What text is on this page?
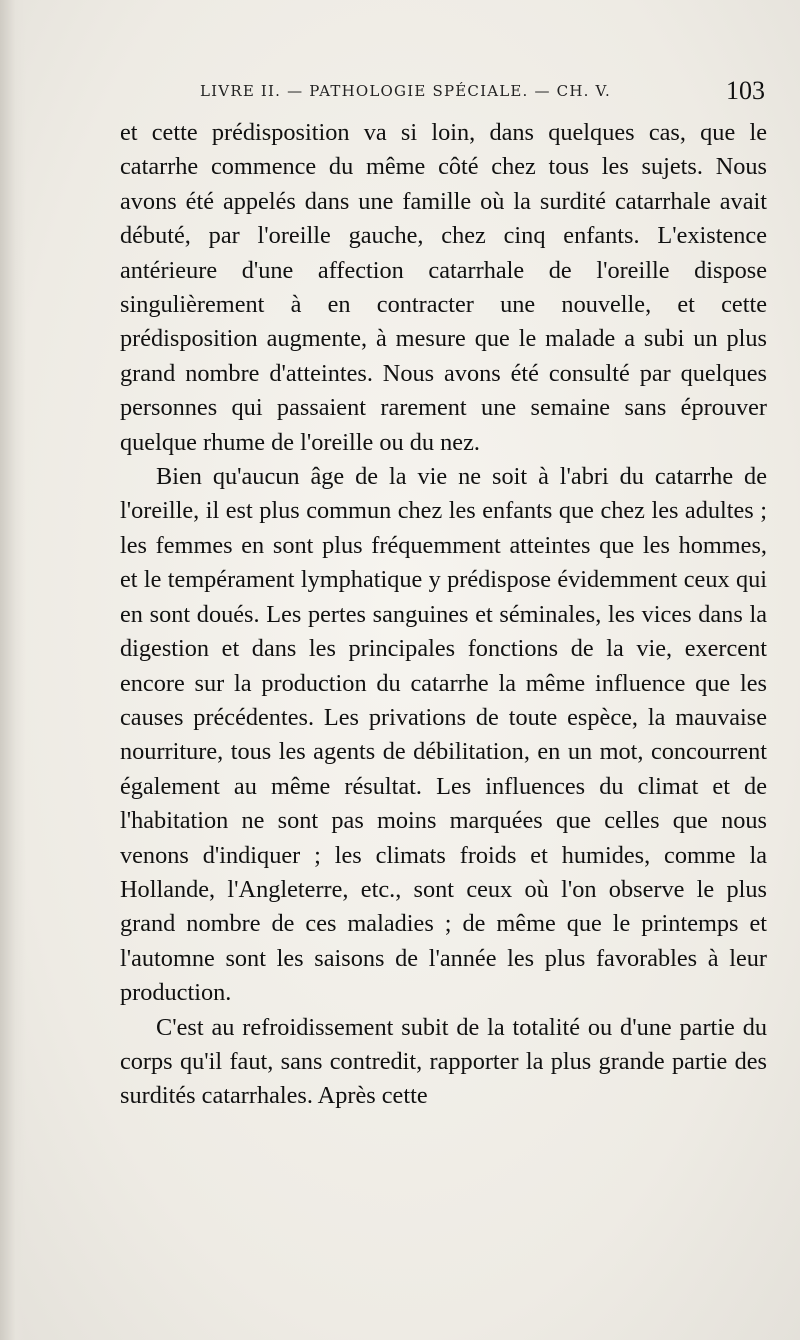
LIVRE II. — PATHOLOGIE SPÉCIALE. — CH. V.	103

et cette prédisposition va si loin, dans quelques cas, que le catarrhe commence du même côté chez tous les sujets. Nous avons été appelés dans une famille où la surdité catarrhale avait débuté, par l'oreille gauche, chez cinq enfants. L'existence antérieure d'une affection catarrhale de l'oreille dispose singulièrement à en contracter une nouvelle, et cette prédisposition augmente, à mesure que le malade a subi un plus grand nombre d'atteintes. Nous avons été consulté par quelques personnes qui passaient rarement une semaine sans éprouver quelque rhume de l'oreille ou du nez.

Bien qu'aucun âge de la vie ne soit à l'abri du catarrhe de l'oreille, il est plus commun chez les enfants que chez les adultes ; les femmes en sont plus fréquemment atteintes que les hommes, et le tempérament lymphatique y prédispose évidemment ceux qui en sont doués. Les pertes sanguines et séminales, les vices dans la digestion et dans les principales fonctions de la vie, exercent encore sur la production du catarrhe la même influence que les causes précédentes. Les privations de toute espèce, la mauvaise nourriture, tous les agents de débilitation, en un mot, concourrent également au même résultat. Les influences du climat et de l'habitation ne sont pas moins marquées que celles que nous venons d'indiquer ; les climats froids et humides, comme la Hollande, l'Angleterre, etc., sont ceux où l'on observe le plus grand nombre de ces maladies ; de même que le printemps et l'automne sont les saisons de l'année les plus favorables à leur production.

C'est au refroidissement subit de la totalité ou d'une partie du corps qu'il faut, sans contredit, rapporter la plus grande partie des surdités catarrhales. Après cette
